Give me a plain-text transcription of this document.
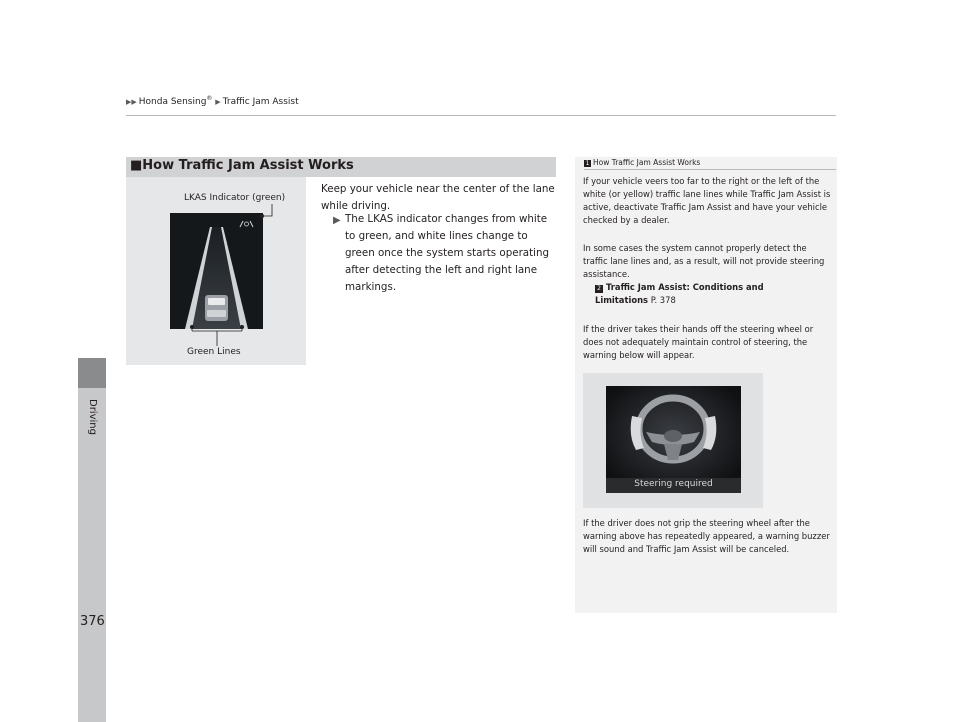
▶▶ Honda Sensing® ▶ Traffic Jam Assist
Driving
376
■How Traffic Jam Assist Works
LKAS Indicator (green)
Green Lines
Keep your vehicle near the center of the lane while driving.
▶ The LKAS indicator changes from white to green, and white lines change to green once the system starts operating after detecting the left and right lane markings.
1 How Traffic Jam Assist Works
If your vehicle veers too far to the right or the left of the white (or yellow) traffic lane lines while Traffic Jam Assist is active, deactivate Traffic Jam Assist and have your vehicle checked by a dealer.
In some cases the system cannot properly detect the traffic lane lines and, as a result, will not provide steering assistance.
2 Traffic Jam Assist: Conditions and Limitations P. 378
If the driver takes their hands off the steering wheel or does not adequately maintain control of steering, the warning below will appear.
Steering required
If the driver does not grip the steering wheel after the warning above has repeatedly appeared, a warning buzzer will sound and Traffic Jam Assist will be canceled.
